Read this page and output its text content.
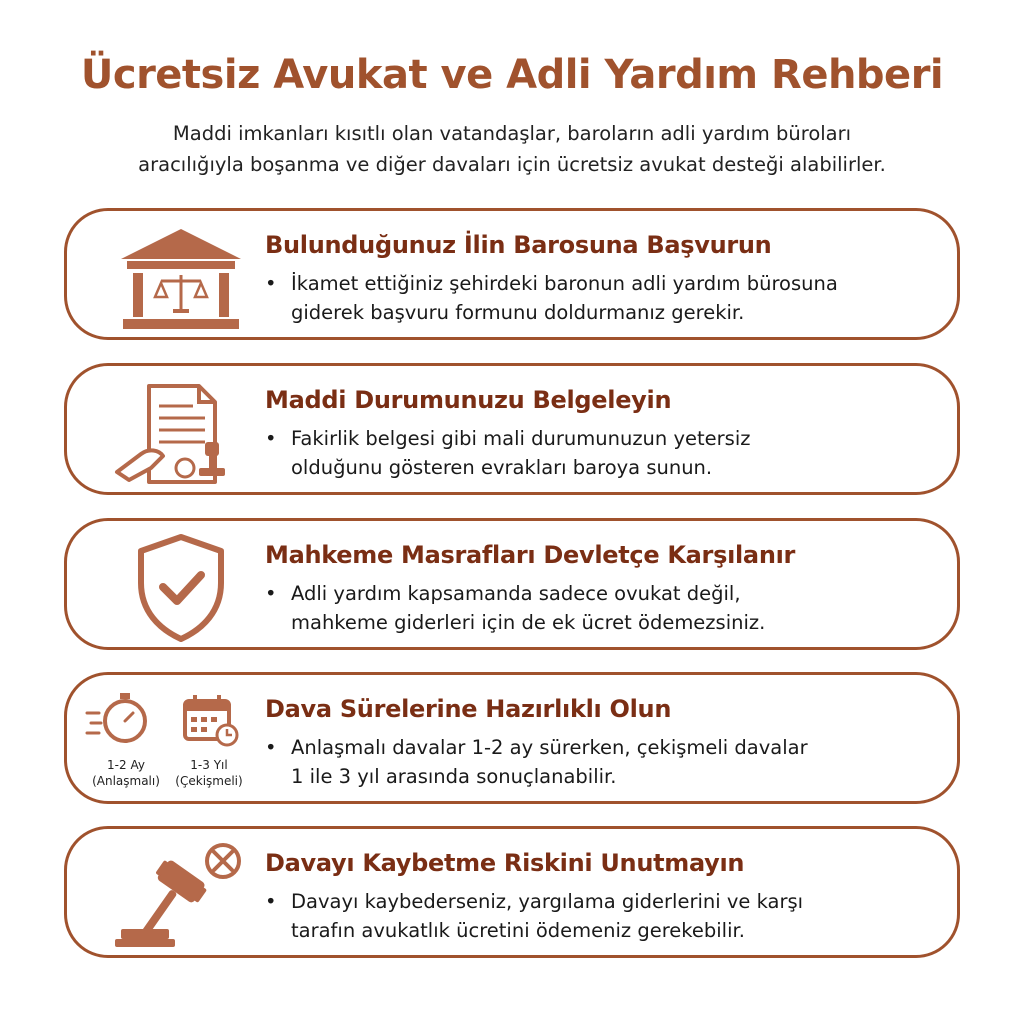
Ücretsiz Avukat ve Adli Yardım Rehberi
Maddi imkanları kısıtlı olan vatandaşlar, baroların adli yardım büroları
aracılığıyla boşanma ve diğer davaları için ücretsiz avukat desteği alabilirler.
Bulunduğunuz İlin Barosuna Başvurun
• İkamet ettiğiniz şehirdeki baronun adli yardım bürosuna
giderek başvuru formunu doldurmanız gerekir.
Maddi Durumunuzu Belgeleyin
• Fakirlik belgesi gibi mali durumunuzun yetersiz
olduğunu gösteren evrakları baroya sunun.
Mahkeme Masrafları Devletçe Karşılanır
• Adli yardım kapsamanda sadece ovukat değil,
mahkeme giderleri için de ek ücret ödemezsiniz.
1-2 Ay
(Anlaşmalı)
1-3 Yıl
(Çekişmeli)
Dava Sürelerine Hazırlıklı Olun
• Anlaşmalı davalar 1-2 ay sürerken, çekişmeli davalar
1 ile 3 yıl arasında sonuçlanabilir.
Davayı Kaybetme Riskini Unutmayın
• Davayı kaybederseniz, yargılama giderlerini ve karşı
tarafın avukatlık ücretini ödemeniz gerekebilir.
